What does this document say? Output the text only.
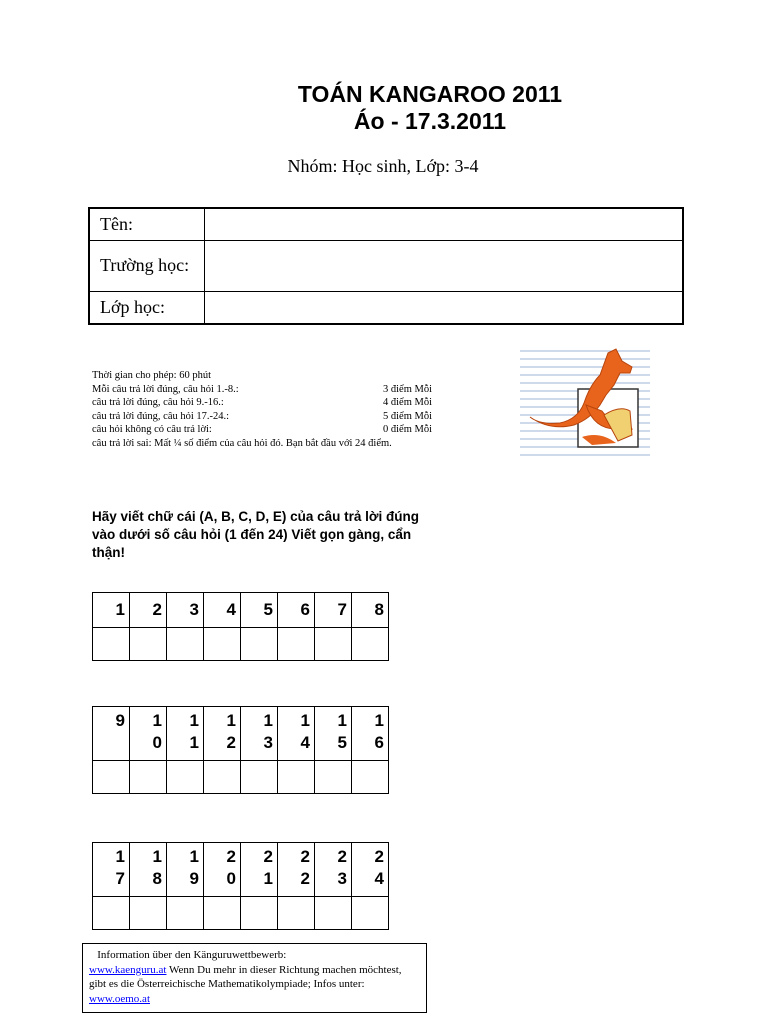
TOÁN KANGAROO 2011
Áo - 17.3.2011
Nhóm: Học sinh, Lớp: 3-4
Tên:	
Trường học:	
Lớp học:	
Thời gian cho phép: 60 phút
Mỗi câu trả lời đúng, câu hỏi 1.-8.:	3 điểm Mỗi
câu trả lời đúng, câu hỏi 9.-16.:	4 điểm Mỗi
câu trả lời đúng, câu hỏi 17.-24.:	5 điểm Mỗi
câu hỏi không có câu trả lời:	0 điểm Mỗi
câu trả lời sai: Mất ¼ số điểm của câu hỏi đó. Bạn bắt đầu với 24 điểm.
Hãy viết chữ cái (A, B, C, D, E) của câu trả lời đúng vào dưới số câu hỏi (1 đến 24) Viết gọn gàng, cẩn thận!
1	2	3	4	5	6	7	8

9	10	11	12	13	14	15	16

17	18	19	20	21	22	23	24

Information über den Känguruwettbewerb:
www.kaenguru.at Wenn Du mehr in dieser Richtung machen möchtest, gibt es die Österreichische Mathematikolympiade; Infos unter: www.oemo.at
